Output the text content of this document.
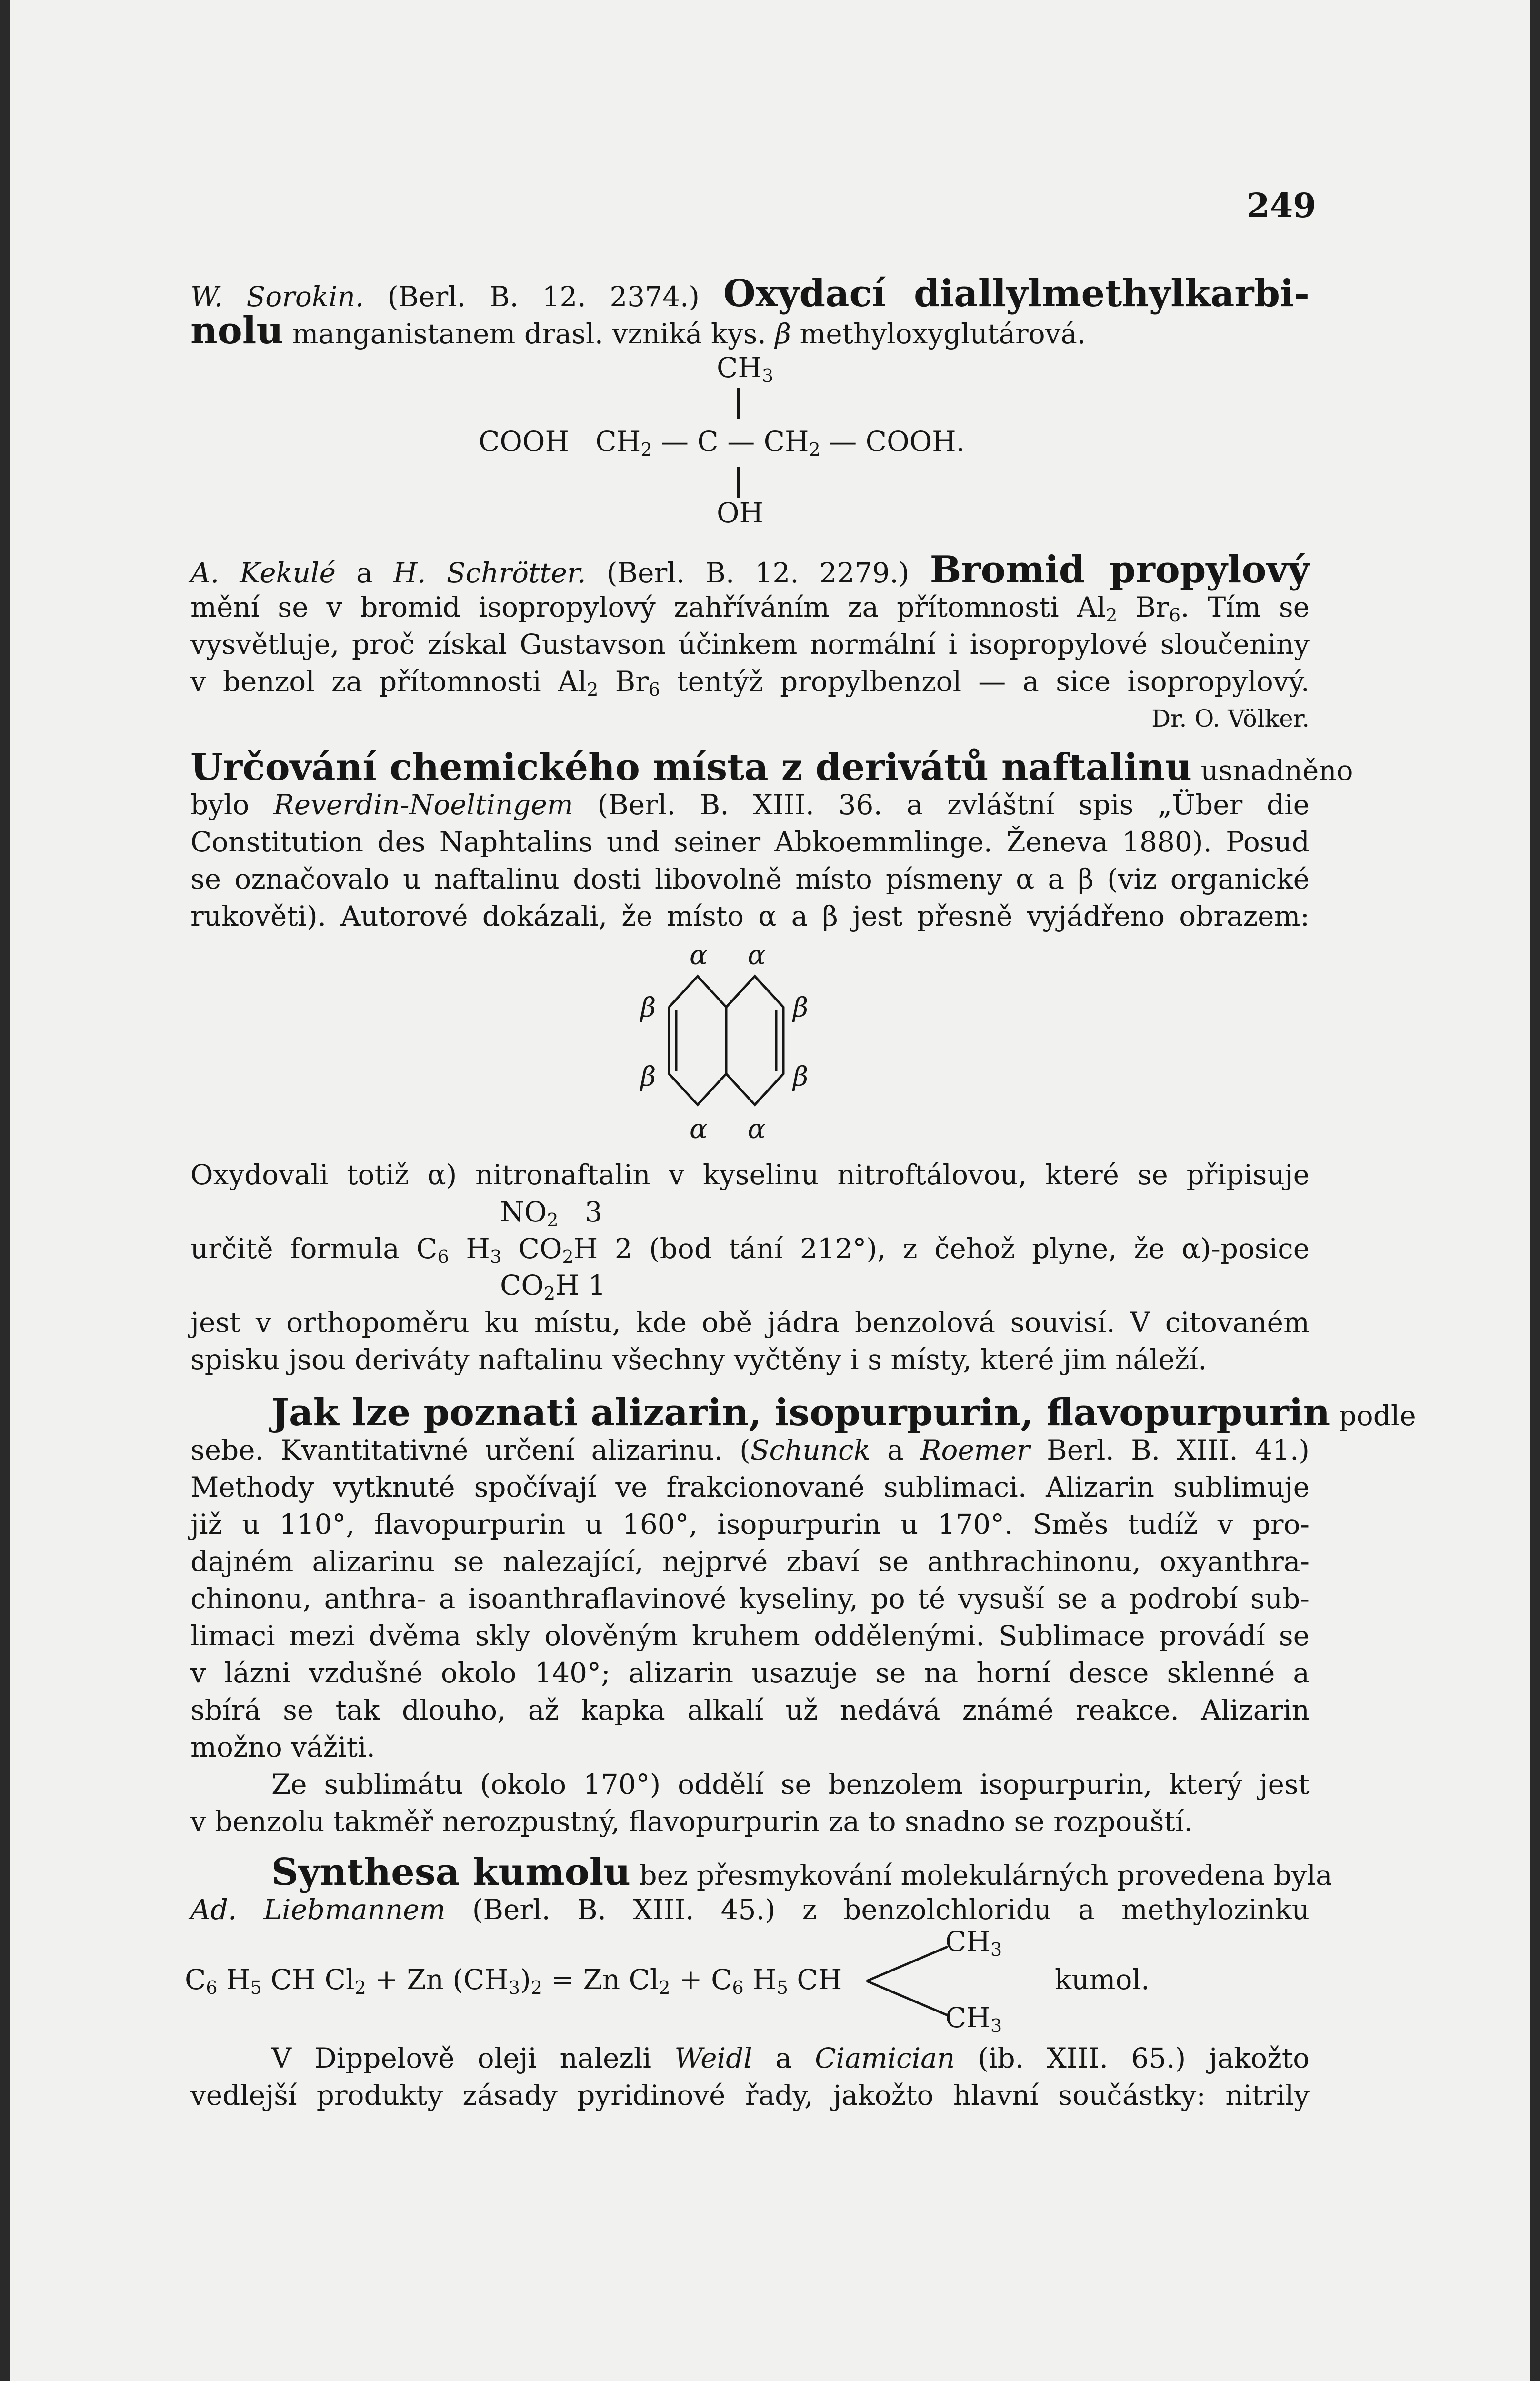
249
W. Sorokin. (Berl. B. 12. 2374.) Oxydací diallylmethylkarbi-
nolu manganistanem drasl. vzniká kys. β methyloxyglutárová.
$CH_3$
COOH $CH_2$ — C — $CH_2$ — COOH.
OH
A. Kekulé a H. Schrötter. (Berl. B. 12. 2279.) Bromid propylový
mění se v bromid isopropylový zahříváním za přítomnosti $Al_2$ $Br_6$. Tím se
vysvětluje, proč získal Gustavson účinkem normální i isopropylové sloučeniny
v benzol za přítomnosti $Al_2$ $Br_6$ tentýž propylbenzol — a sice isopropylový.
Dr. O. Völker.
Určování chemického místa z derivátů naftalinu usnadněno
bylo Reverdin-Noeltingem (Berl. B. XIII. 36. a zvláštní spis „Über die
Constitution des Naphtalins und seiner Abkoemmlinge. Ženeva 1880). Posud
se označovalo u naftalinu dosti libovolně místo písmeny α a β (viz organické
rukověti). Autorové dokázali, že místo α a β jest přesně vyjádřeno obrazem:
α α
β	β
β	β
α α
Oxydovali totiž α) nitronaftalin v kyselinu nitroftálovou, které se připisuje
$NO_2$ 3
určitě formula $C_6$ $H_3$ $CO_2H$ 2 (bod tání 212°), z čehož plyne, že α)-posice
$CO_2H$ 1
jest v orthopoměru ku místu, kde obě jádra benzolová souvisí. V citovaném
spisku jsou deriváty naftalinu všechny vyčtěny i s místy, které jim náleží.
Jak lze poznati alizarin, isopurpurin, flavopurpurin podle
sebe. Kvantitativné určení alizarinu. (Schunck a Roemer Berl. B. XIII. 41.)
Methody vytknuté spočívají ve frakcionované sublimaci. Alizarin sublimuje
již u 110°, flavopurpurin u 160°, isopurpurin u 170°. Směs tudíž v pro-
dajném alizarinu se nalezající, nejprvé zbaví se anthrachinonu, oxyanthra-
chinonu, anthra- a isoanthraflavinové kyseliny, po té vysuší se a podrobí sub-
limaci mezi dvěma skly olověným kruhem oddělenými. Sublimace provádí se
v lázni vzdušné okolo 140°; alizarin usazuje se na horní desce sklenné a
sbírá se tak dlouho, až kapka alkalí už nedává známé reakce. Alizarin
možno vážiti.
Ze sublimátu (okolo 170°) oddělí se benzolem isopurpurin, který jest
v benzolu takměř nerozpustný, flavopurpurin za to snadno se rozpouští.
Synthesa kumolu bez přesmykování molekulárných provedena byla
Ad. Liebmannem (Berl. B. XIII. 45.) z benzolchloridu a methylozinku
$CH_3$
$C_6$ $H_5$ CH $Cl_2 + Zn$ $(CH_3)_2 = Zn$ $Cl_2 + C_6$ $H_5$ CH	kumol.
$CH_3$
V Dippelově oleji nalezli Weidl a Ciamician (ib. XIII. 65.) jakožto
vedlejší produkty zásady pyridinové řady, jakožto hlavní součástky: nitrily
